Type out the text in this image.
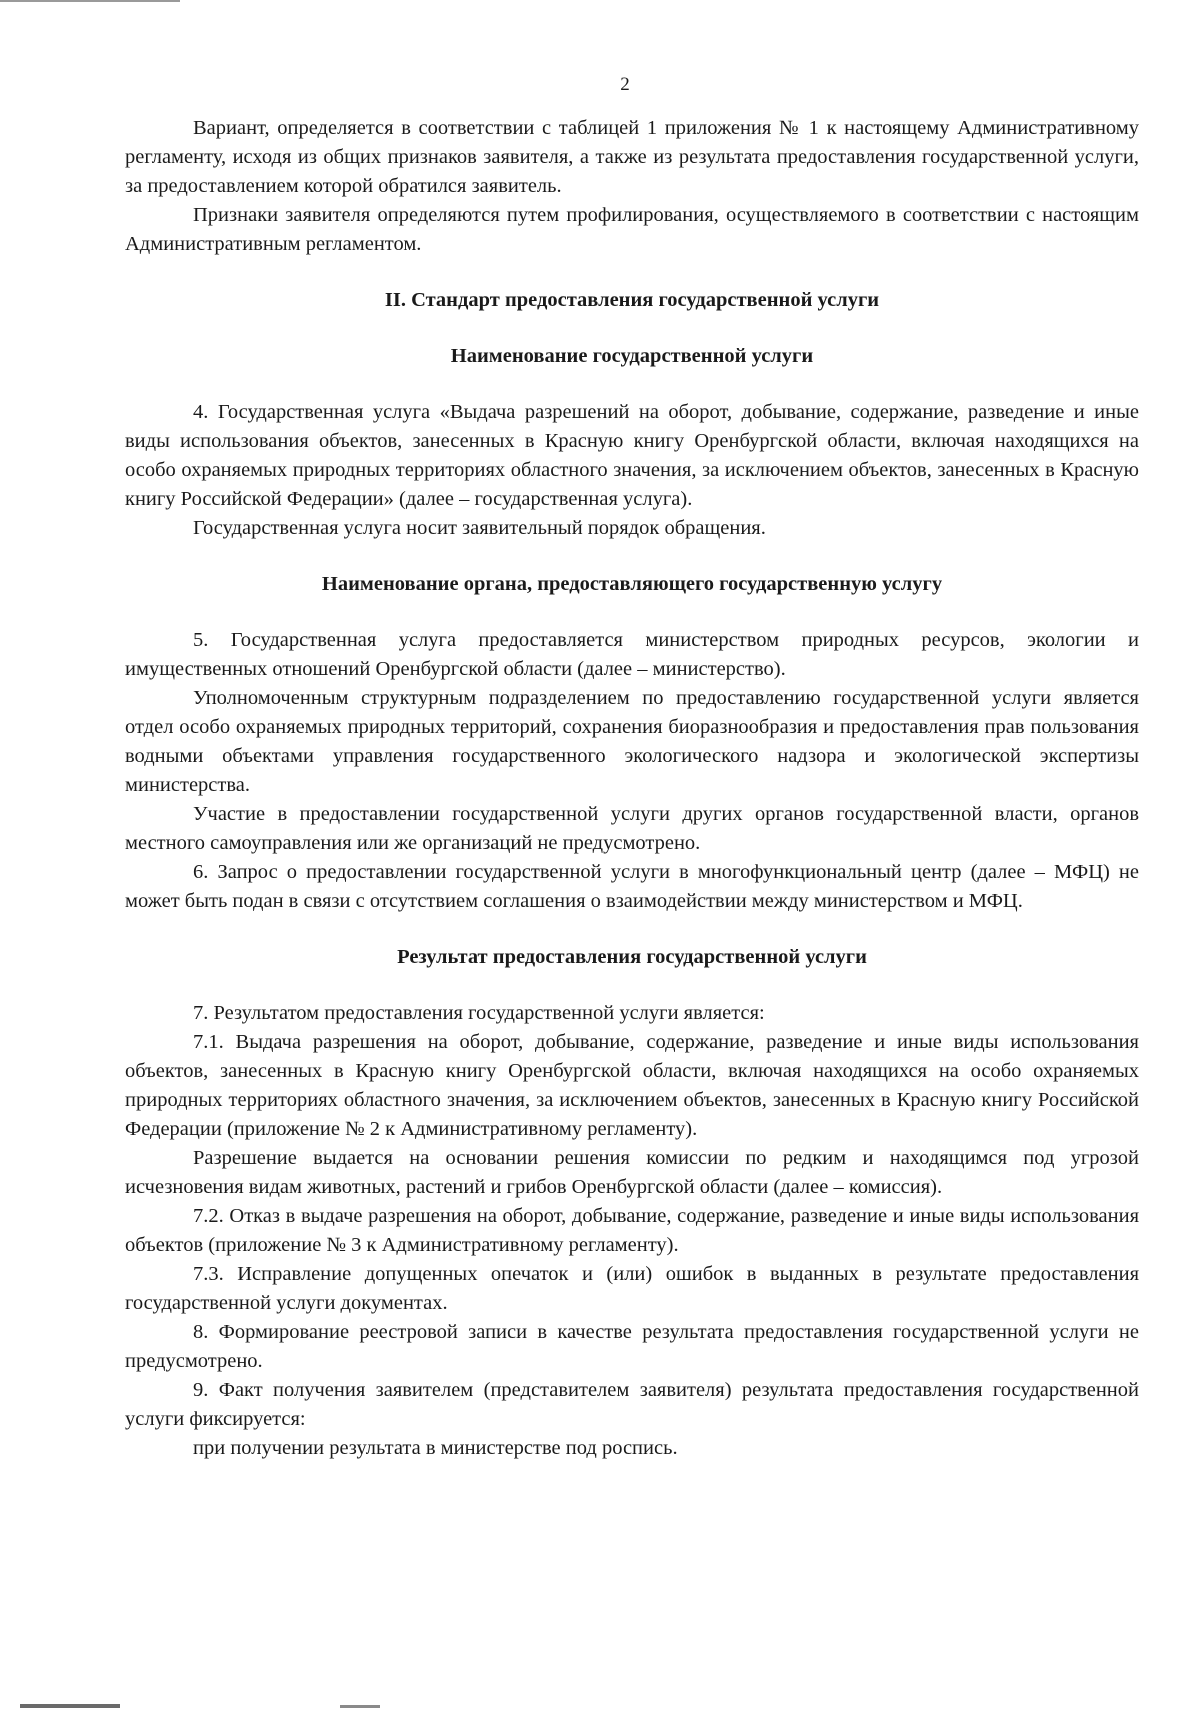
2

Вариант, определяется в соответствии с таблицей 1 приложения № 1 к настоящему Административному регламенту, исходя из общих признаков заявителя, а также из результата предоставления государственной услуги, за предоставлением которой обратился заявитель.

Признаки заявителя определяются путем профилирования, осуществляемого в соответствии с настоящим Административным регламентом.

II. Стандарт предоставления государственной услуги

Наименование государственной услуги

4. Государственная услуга «Выдача разрешений на оборот, добывание, содержание, разведение и иные виды использования объектов, занесенных в Красную книгу Оренбургской области, включая находящихся на особо охраняемых природных территориях областного значения, за исключением объектов, занесенных в Красную книгу Российской Федерации» (далее – государственная услуга).

Государственная услуга носит заявительный порядок обращения.

Наименование органа, предоставляющего государственную услугу

5. Государственная услуга предоставляется министерством природных ресурсов, экологии и имущественных отношений Оренбургской области (далее – министерство).

Уполномоченным структурным подразделением по предоставлению государственной услуги является отдел особо охраняемых природных территорий, сохранения биоразнообразия и предоставления прав пользования водными объектами управления государственного экологического надзора и экологической экспертизы министерства.

Участие в предоставлении государственной услуги других органов государственной власти, органов местного самоуправления или же организаций не предусмотрено.

6. Запрос о предоставлении государственной услуги в многофункциональный центр (далее – МФЦ) не может быть подан в связи с отсутствием соглашения о взаимодействии между министерством и МФЦ.

Результат предоставления государственной услуги

7. Результатом предоставления государственной услуги является:

7.1. Выдача разрешения на оборот, добывание, содержание, разведение и иные виды использования объектов, занесенных в Красную книгу Оренбургской области, включая находящихся на особо охраняемых природных территориях областного значения, за исключением объектов, занесенных в Красную книгу Российской Федерации (приложение № 2 к Административному регламенту).

Разрешение выдается на основании решения комиссии по редким и находящимся под угрозой исчезновения видам животных, растений и грибов Оренбургской области (далее – комиссия).

7.2. Отказ в выдаче разрешения на оборот, добывание, содержание, разведение и иные виды использования объектов (приложение № 3 к Административному регламенту).

7.3. Исправление допущенных опечаток и (или) ошибок в выданных в результате предоставления государственной услуги документах.

8. Формирование реестровой записи в качестве результата предоставления государственной услуги не предусмотрено.

9. Факт получения заявителем (представителем заявителя) результата предоставления государственной услуги фиксируется:

при получении результата в министерстве под роспись.
